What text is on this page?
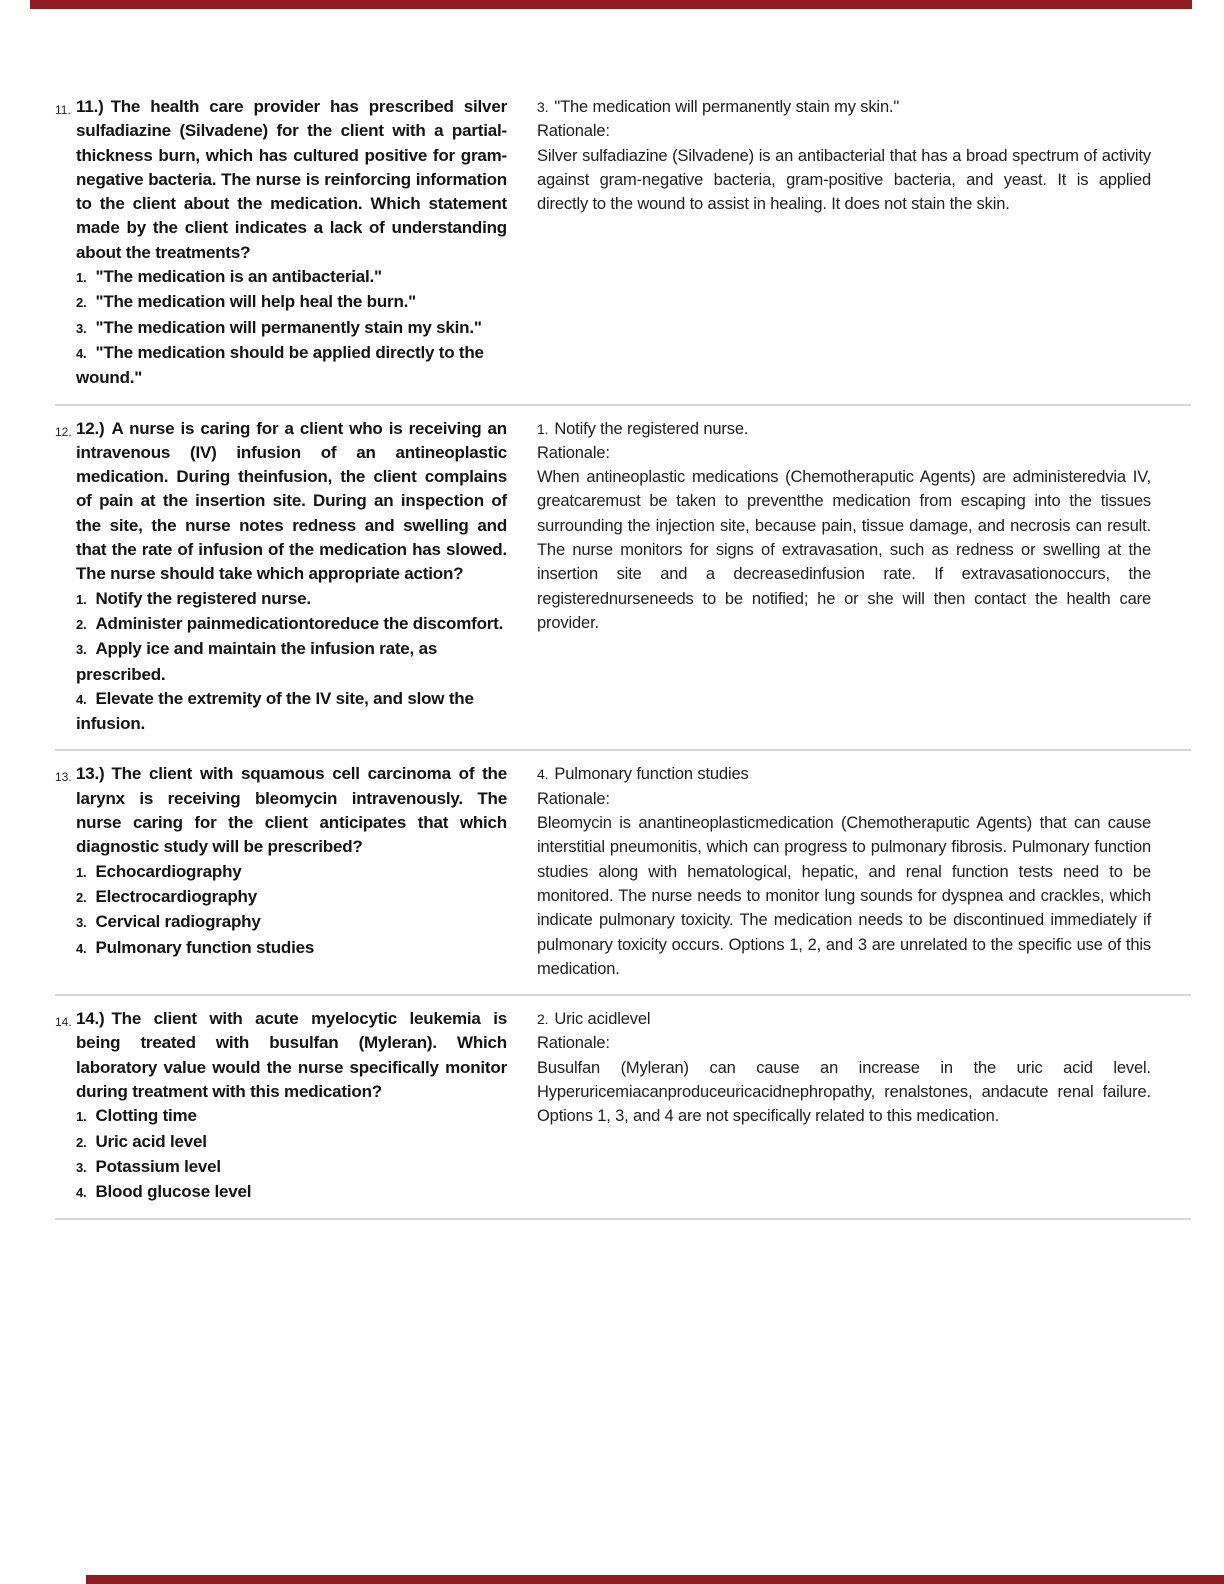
11. 11.) The health care provider has prescribed silver sulfadiazine (Silvadene) for the client with a partial-thickness burn, which has cultured positive for gram-negative bacteria. The nurse is reinforcing information to the client about the medication. Which statement made by the client indicates a lack of understanding about the treatments?

1. "The medication is an antibacterial."
2. "The medication will help heal the burn."
3. "The medication will permanently stain my skin."
4. "The medication should be applied directly to the wound."

3. "The medication will permanently stain my skin."

Rationale:

Silver sulfadiazine (Silvadene) is an antibacterial that has a broad spectrum of activity against gram-negative bacteria, gram-positive bacteria, and yeast. It is applied directly to the wound to assist in healing. It does not stain the skin.

12. 12.) A nurse is caring for a client who is receiving an intravenous (IV) infusion of an antineoplastic medication. During theinfusion, the client complains of pain at the insertion site. During an inspection of the site, the nurse notes redness and swelling and that the rate of infusion of the medication has slowed. The nurse should take which appropriate action?

1. Notify the registered nurse.
2. Administer painmedicationtoreduce the discomfort.
3. Apply ice and maintain the infusion rate, as prescribed.
4. Elevate the extremity of the IV site, and slow the infusion.

1. Notify the registered nurse.

Rationale:

When antineoplastic medications (Chemotheraputic Agents) are administeredvia IV, greatcaremust be taken to preventthe medication from escaping into the tissues surrounding the injection site, because pain, tissue damage, and necrosis can result. The nurse monitors for signs of extravasation, such as redness or swelling at the insertion site and a decreasedinfusion rate. If extravasationoccurs, the registerednurseneeds to be notified; he or she will then contact the health care provider.

13. 13.) The client with squamous cell carcinoma of the larynx is receiving bleomycin intravenously. The nurse caring for the client anticipates that which diagnostic study will be prescribed?

1. Echocardiography
2. Electrocardiography
3. Cervical radiography
4. Pulmonary function studies

4. Pulmonary function studies

Rationale:

Bleomycin is anantineoplasticmedication (Chemotheraputic Agents) that can cause interstitial pneumonitis, which can progress to pulmonary fibrosis. Pulmonary function studies along with hematological, hepatic, and renal function tests need to be monitored. The nurse needs to monitor lung sounds for dyspnea and crackles, which indicate pulmonary toxicity. The medication needs to be discontinued immediately if pulmonary toxicity occurs. Options 1, 2, and 3 are unrelated to the specific use of this medication.

14. 14.) The client with acute myelocytic leukemia is being treated with busulfan (Myleran). Which laboratory value would the nurse specifically monitor during treatment with this medication?

1. Clotting time
2. Uric acid level
3. Potassium level
4. Blood glucose level

2. Uric acidlevel

Rationale:

Busulfan (Myleran) can cause an increase in the uric acid level. Hyperuricemiacanproduceuricacidnephropathy, renalstones, andacute renal failure. Options 1, 3, and 4 are not specifically related to this medication.
